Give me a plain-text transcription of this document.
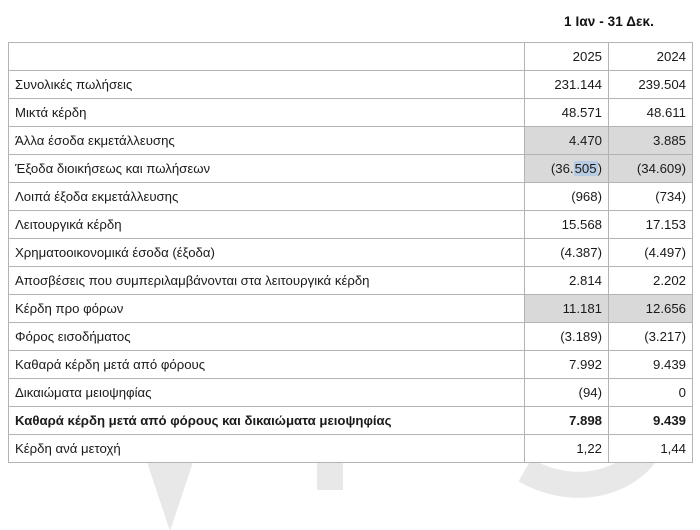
1 Ιαν - 31 Δεκ.
	2025	2024
Συνολικές πωλήσεις	231.144	239.504
Μικτά κέρδη	48.571	48.611
Άλλα έσοδα εκμετάλλευσης	4.470	3.885
Έξοδα διοικήσεως και πωλήσεων	(36.505)	(34.609)
Λοιπά έξοδα εκμετάλλευσης	(968)	(734)
Λειτουργικά κέρδη	15.568	17.153
Χρηματοοικονομικά έσοδα (έξοδα)	(4.387)	(4.497)
Αποσβέσεις που συμπεριλαμβάνονται στα λειτουργικά κέρδη	2.814	2.202
Κέρδη προ φόρων	11.181	12.656
Φόρος εισοδήματος	(3.189)	(3.217)
Καθαρά κέρδη μετά από φόρους	7.992	9.439
Δικαιώματα μειοψηφίας	(94)	0
Καθαρά κέρδη μετά από φόρους και δικαιώματα μειοψηφίας	7.898	9.439
Κέρδη ανά μετοχή	1,22	1,44
